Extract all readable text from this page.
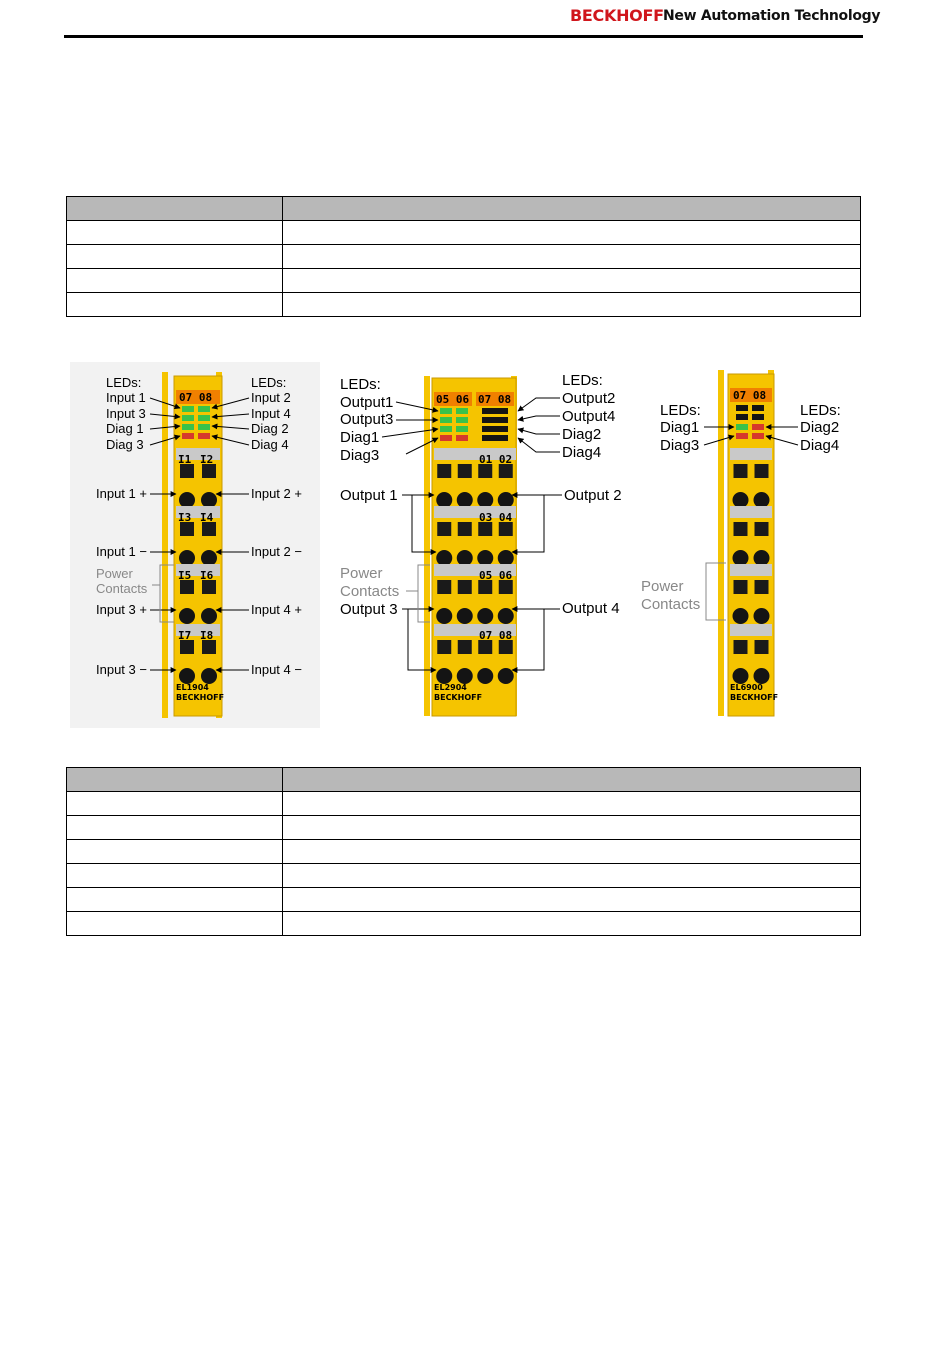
BECKHOFF New Automation Technology

07 08
I1 I2
I3 I4
I5 I6
I7 I8
EL1904
BECKHOFF
LEDs:	LEDs:
Input 1
Input 3
Diag 1
Diag 3
Input 2
Input 4
Diag 2
Diag 4
Input 1 +	Input 2 +
Input 1 −	Input 2 −
Power
Contacts
Input 3 +	Input 4 +
Input 3 −	Input 4 −
05 06 07 08
01 02
03 04
05 06
07 08
EL2904
BECKHOFF
LEDs:	LEDs:
Output1
Output3
Diag1
Diag3
Output2
Output4
Diag2
Diag4
Output 1	Output 2
Power
Contacts
Output 3	Output 4
07 08
EL6900
BECKHOFF
LEDs:	LEDs:
Diag1
Diag3
Diag2
Diag4
Power
Contacts
